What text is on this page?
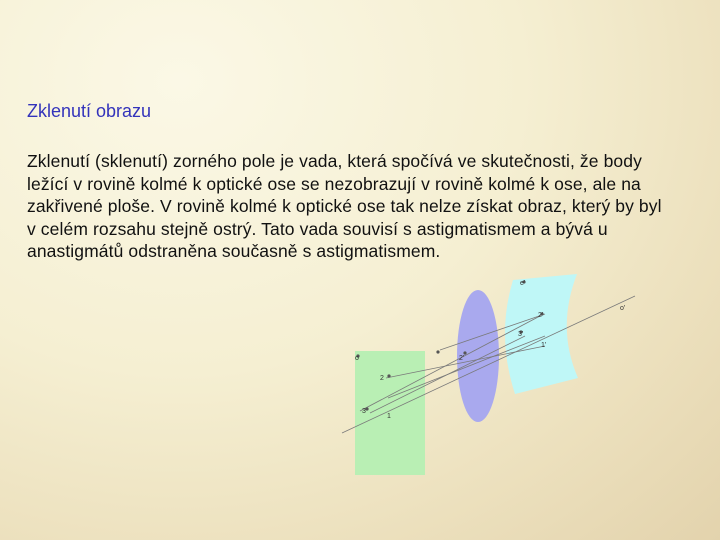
Zklenutí obrazu

Zklenutí (sklenutí) zorného pole je vada, která spočívá ve skutečnosti, že body ležící v rovině kolmé k optické ose se nezobrazují v rovině kolmé k ose, ale na zakřivené ploše. V rovině kolmé k optické ose tak nelze získat obraz, který by byl v celém rozsahu stejně ostrý. Tato vada souvisí s astigmatismem a bývá u anastigmátů odstraněna současně s astigmatismem.

o
2
3
1
2'
o'
2'
3'
1'
e'
